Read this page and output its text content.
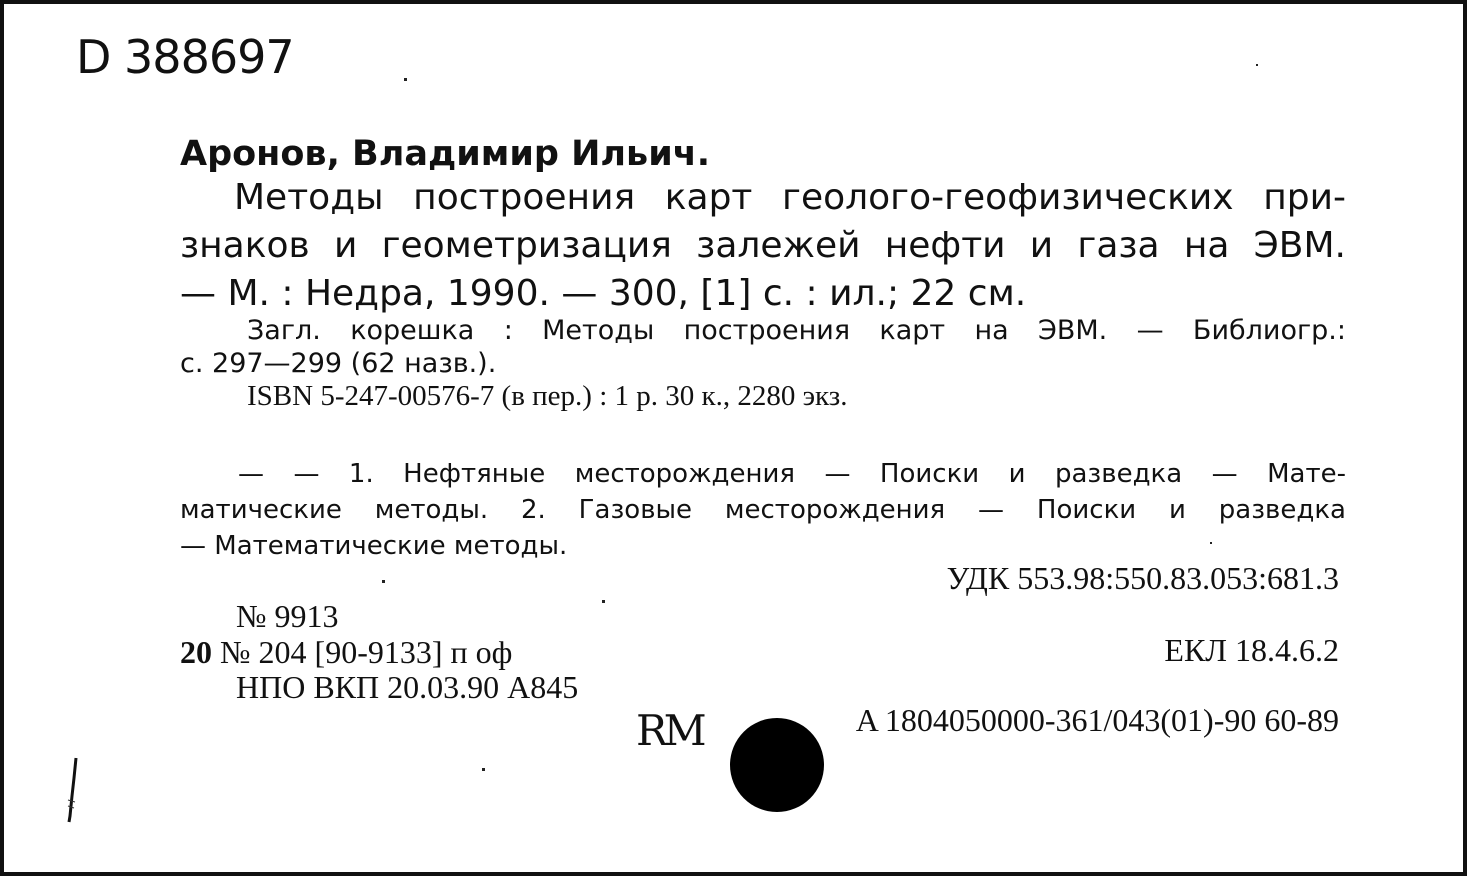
D 388697
Аронов, Владимир Ильич.
Методы построения карт геолого-геофизических при-
знаков и геометризация залежей нефти и газа на ЭВМ.
— М. : Недра, 1990. — 300, [1] с. : ил.; 22 см.
Загл. корешка : Методы построения карт на ЭВМ. — Библиогр.:
с. 297—299 (62 назв.).
ISBN 5-247-00576-7 (в пер.) : 1 р. 30 к., 2280 экз.
— — 1. Нефтяные месторождения — Поиски и разведка — Мате-
матические методы. 2. Газовые месторождения — Поиски и разведка
— Математические методы.
УДК 553.98:550.83.053:681.3
№ 9913
20 № 204 [90-9133] п оф	ЕКЛ 18.4.6.2
НПО ВКП 20.03.90 А845
RM	А 1804050000-361/043(01)-90 60-89
